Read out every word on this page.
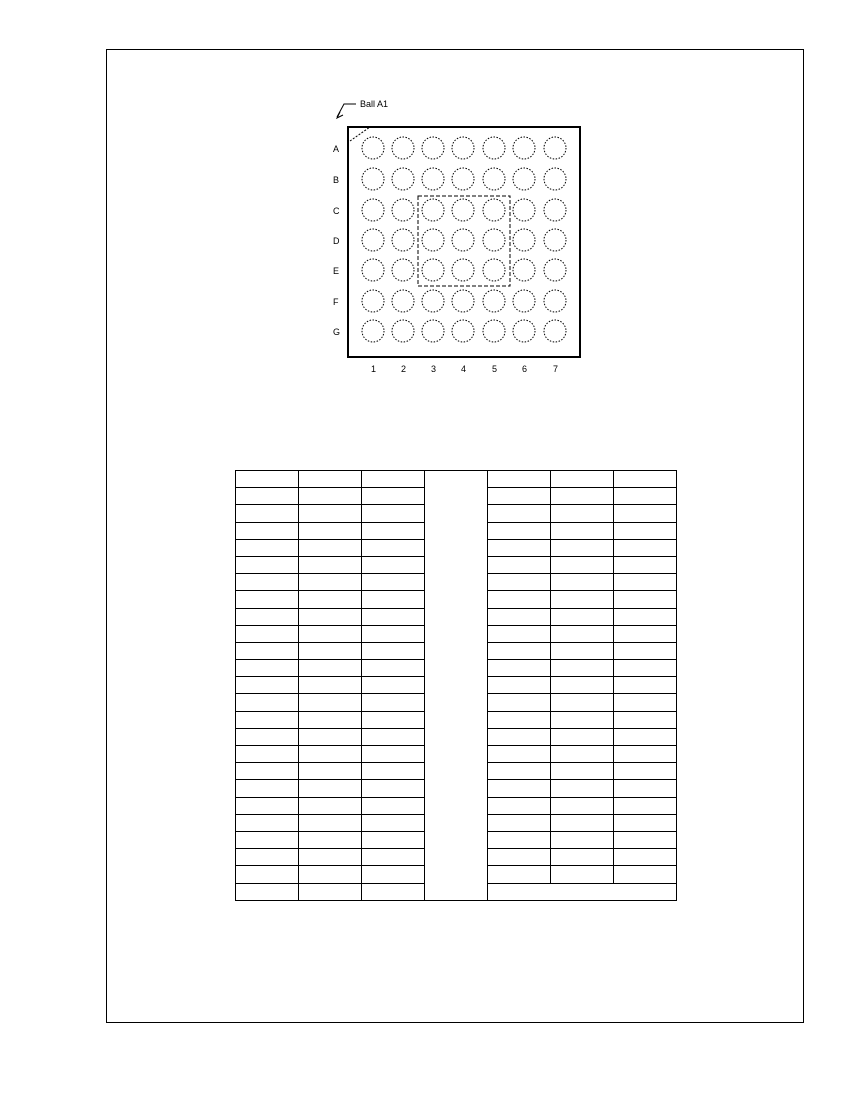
Ball A1
A
B
C
D
E
F
G
1	2	3	4	5	6	7
